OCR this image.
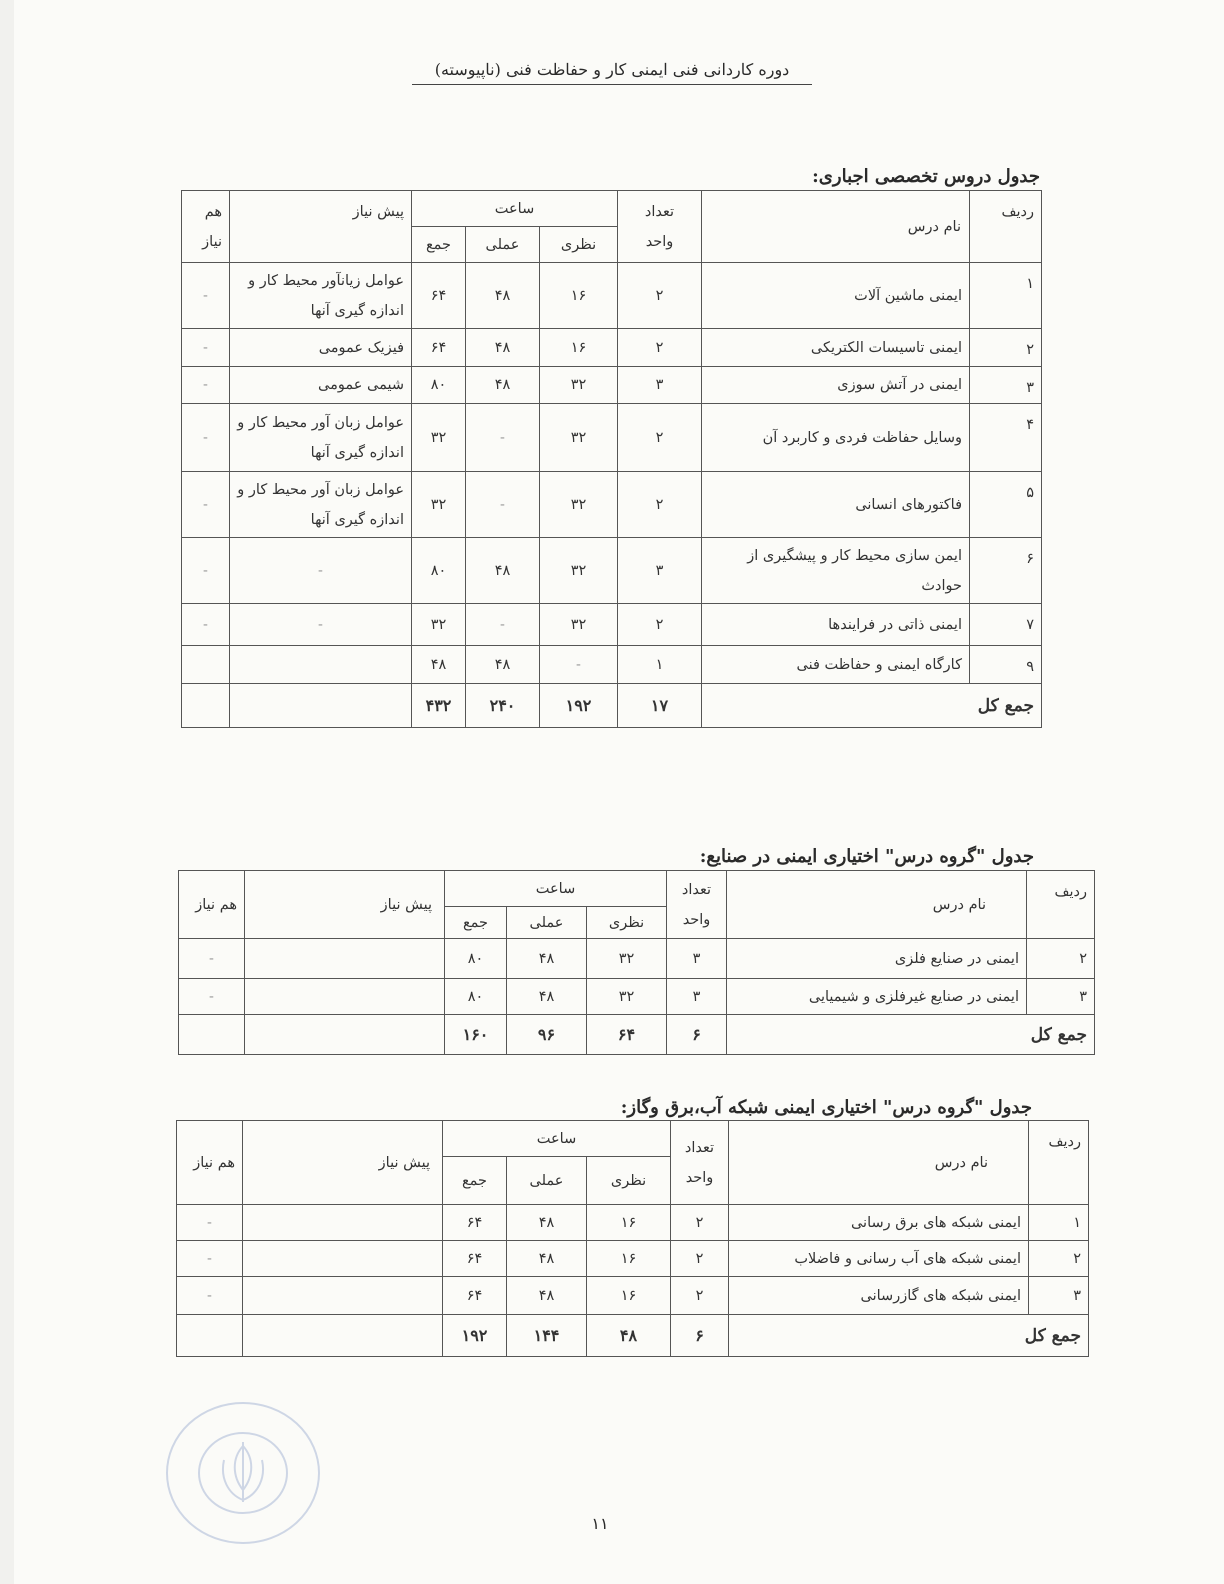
دوره کاردانی فنی ایمنی کار و حفاظت فنی (ناپیوسته)
جدول دروس تخصصی اجباری:
ردیف	نام درس	تعداد
واحد	ساعت			پیش نیاز	هم نیاز
			نظری	عملی	جمع		
۱	ایمنی ماشین آلات	۲	۱۶	۴۸	۶۴	عوامل زیانآور محیط کار و اندازه گیری آنها	-
۲	ایمنی تاسیسات الکتریکی	۲	۱۶	۴۸	۶۴	فیزیک عمومی	-
۳	ایمنی در آتش سوزی	۳	۳۲	۴۸	۸۰	شیمی عمومی	-
۴	وسایل حفاظت فردی و کاربرد آن	۲	۳۲	-	۳۲	عوامل زبان آور محیط کار و اندازه گیری آنها	-
۵	فاکتورهای انسانی	۲	۳۲	-	۳۲	عوامل زبان آور محیط کار و اندازه گیری آنها	-
۶	ایمن سازی محیط کار و پیشگیری از حوادث	۳	۳۲	۴۸	۸۰	-	-
۷	ایمنی ذاتی در فرایندها	۲	۳۲	-	۳۲	-	-
۹	کارگاه ایمنی و حفاظت فنی	۱	-	۴۸	۴۸		
جمع کل		۱۷	۱۹۲	۲۴۰	۴۳۲		
جدول "گروه درس" اختیاری ایمنی در صنایع:
ردیف	نام درس	تعداد
واحد	ساعت			پیش نیاز	هم نیاز
			نظری	عملی	جمع		
۲	ایمنی در صنایع فلزی	۳	۳۲	۴۸	۸۰		-
۳	ایمنی در صنایع غیرفلزی و شیمیایی	۳	۳۲	۴۸	۸۰		-
جمع کل		۶	۶۴	۹۶	۱۶۰		
جدول "گروه درس" اختیاری ایمنی شبکه آب،برق وگاز:
ردیف	نام درس	تعداد
واحد	ساعت			پیش نیاز	هم نیاز
			نظری	عملی	جمع		
۱	ایمنی شبکه های برق رسانی	۲	۱۶	۴۸	۶۴		-
۲	ایمنی شبکه های آب رسانی و فاضلاب	۲	۱۶	۴۸	۶۴		-
۳	ایمنی شبکه های گازرسانی	۲	۱۶	۴۸	۶۴		-
جمع کل		۶	۴۸	۱۴۴	۱۹۲		
۱۱
